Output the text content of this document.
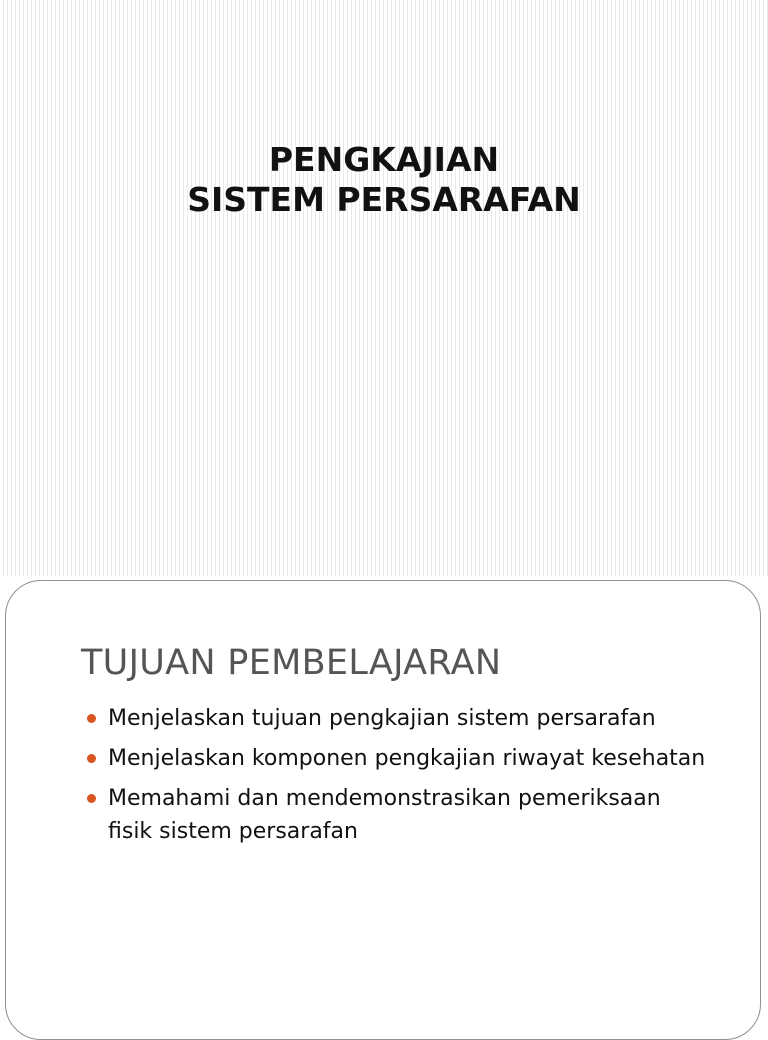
PENGKAJIAN
SISTEM PERSARAFAN
TUJUAN PEMBELAJARAN
Menjelaskan tujuan pengkajian sistem persarafan
Menjelaskan komponen pengkajian riwayat kesehatan
Memahami dan mendemonstrasikan pemeriksaan fisik sistem persarafan
